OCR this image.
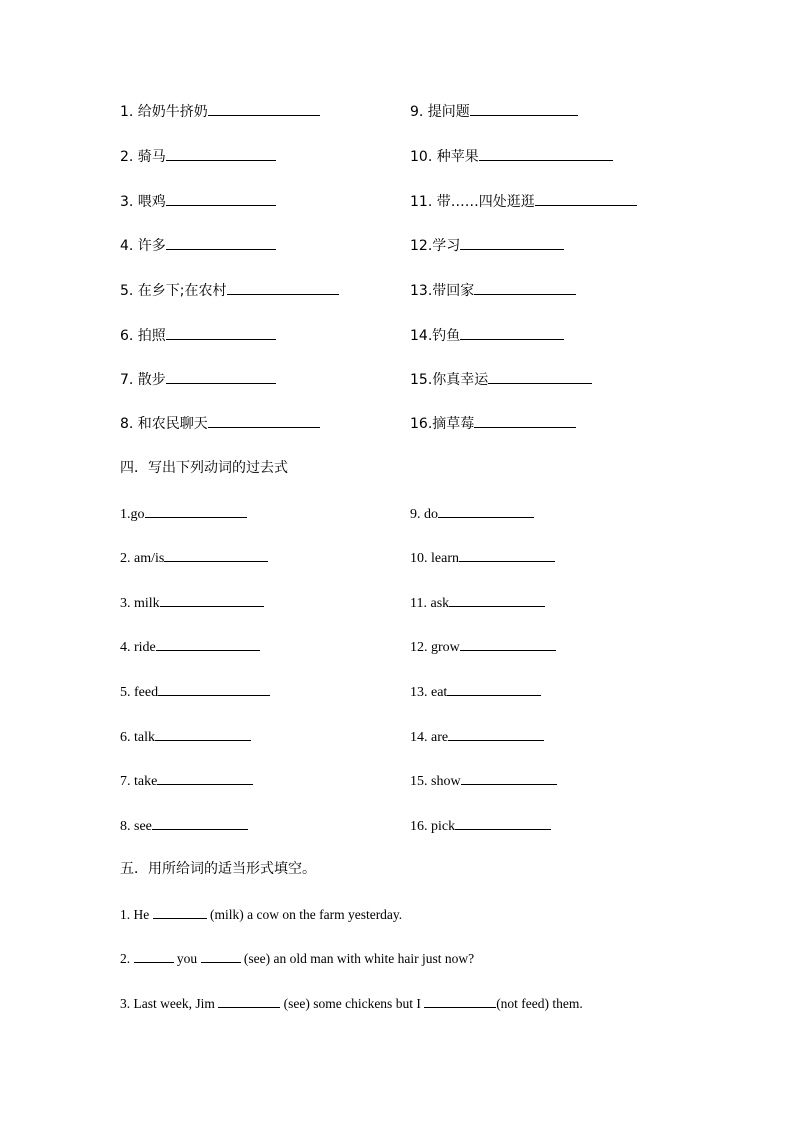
1. 给奶牛挤奶	9. 提问题
2. 骑马	10. 种苹果
3. 喂鸡	11. 带……四处逛逛
4. 许多	12.学习
5. 在乡下;在农村	13.带回家
6. 拍照	14.钓鱼
7. 散步	15.你真幸运
8. 和农民聊天	16.摘草莓
四．写出下列动词的过去式
1.go	9. do
2. am/is	10. learn
3. milk	11. ask
4. ride	12. grow
5. feed	13. eat
6. talk	14. are
7. take	15. show
8. see	16. pick
五．用所给词的适当形式填空。
1. He	(milk) a cow on the farm yesterday.
2.	you	(see) an old man with white hair just now?
3. Last week, Jim	(see) some chickens but I	(not feed) them.
